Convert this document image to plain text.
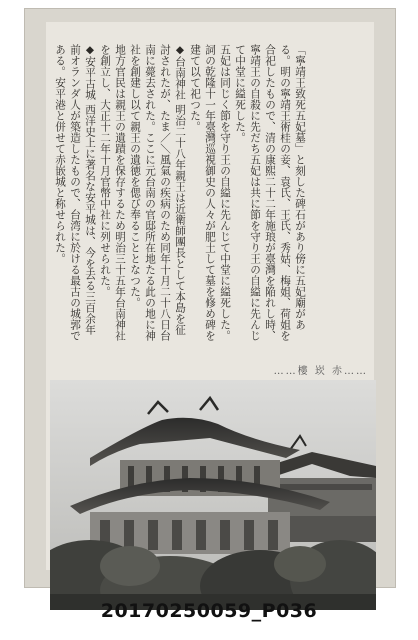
「寧靖王致死五妃墓」と刻した碑石があり傍に五妃廟がある。明の寧靖王術桂の妾、袁氏、王氏、秀姑、梅姐、荷姐を合祀したもので、清の康熙二十二年施琅が臺灣を陥れし時、寧靖王の自殺に先だち五妃は共に節を守り王の自縊に先んじて中堂に縊死した。

五妃は同じく節を守り王の自縊に先んじて中堂に縊死した。詞の乾隆十一年臺灣巡視御史の人々が肥土して墓を修め碑を建て以て祀つた。

◆台南神社 明治二十八年親王は近衛師團長として本島を征討されたが、たま／＼風氣の疾病のため同年十月二十八日台南に薨去された。ここに元台南の官邸所在地たる此の地に神社を創建し以て親王の遺徳を偲び奉ることとなつた。

地方官民は親王の遺蹟を保存するため明治三十五年台南神社を創立し、大正十二年十月官幣中社に列せられた。

◆安平古城 西洋史上に著名な安平城は、今を去る三百余年前オランダ人が築造したもので、台湾に於ける最古の城郭である。安平港と併せて赤嵌城と称せられた。

……樓 崁 赤……
20170250059_P036
